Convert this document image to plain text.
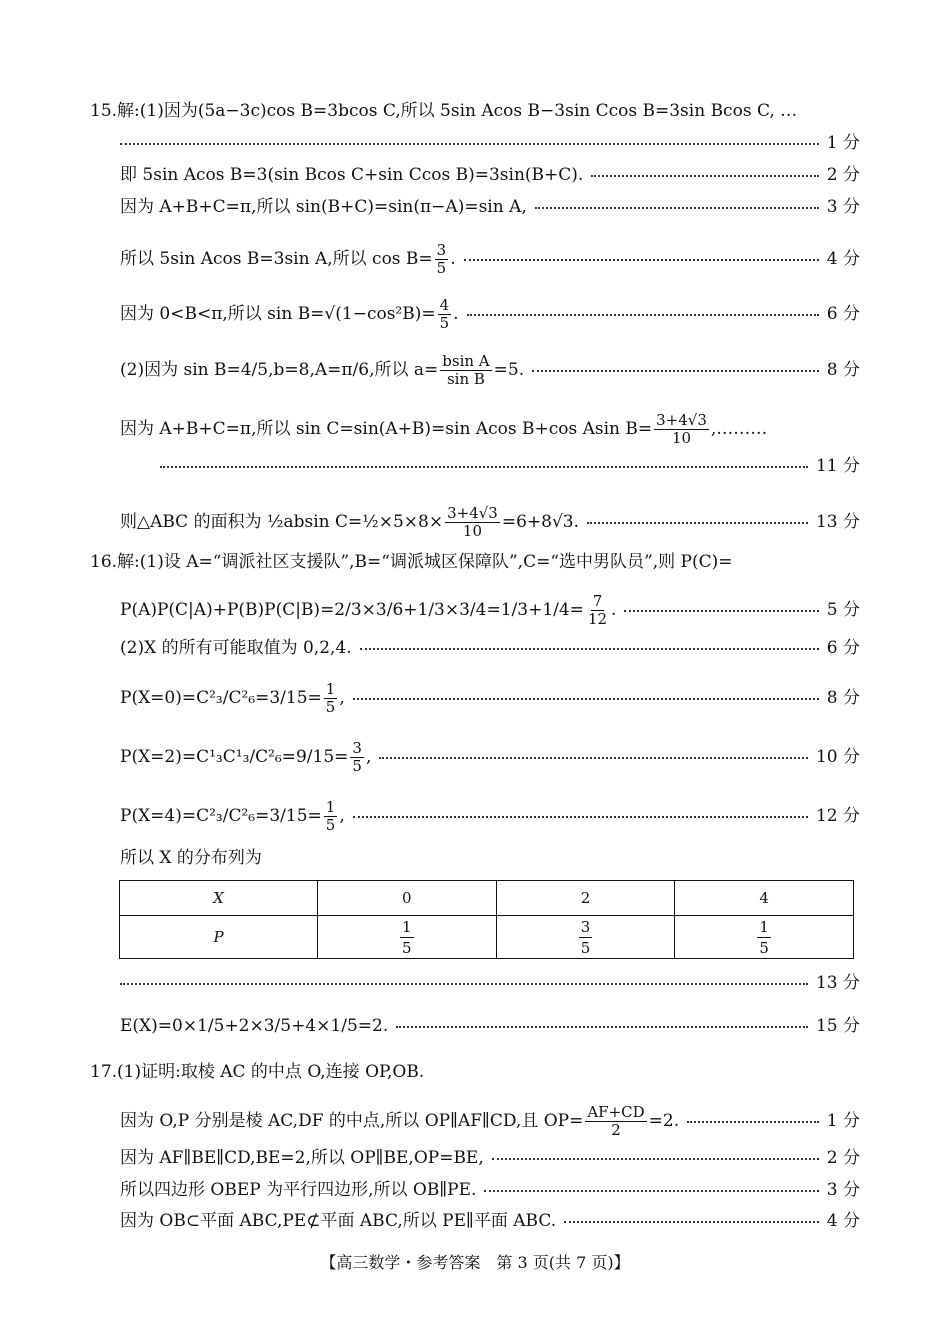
15.解:(1)因为(5a−3c)cos B=3bcos C,所以 5sin Acos B−3sin Ccos B=3sin Bcos C, …
1 分
即 5sin Acos B=3(sin Bcos C+sin Ccos B)=3sin(B+C).	2 分
因为 A+B+C=π,所以 sin(B+C)=sin(π−A)=sin A,	3 分
所以 5sin Acos B=3sin A,所以 $\cos B= \frac{3}{5}$ .	4 分
因为 0<B<π,所以 $\sin B=√(1-\cos^2B)= \frac{4}{5}$ .	6 分
(2)因为 sin B=4/5,b=8,A=π/6,所以 $a= \frac{\text{bsin A}}{\text{sin B}} =5$.	8 分
因为 A+B+C=π,所以 sin C=sin(A+B)=sin Acos B+cos Asin $B= \frac{3+4√3}{10}$ ,………
11 分
则△ABC 的面积为 ½absin C=½×5×8× $\frac{3+4√3}{10} =6+8√3$.	13 分
16.解:(1)设 A=“调派社区支援队”,B=“调派城区保障队”,C=“选中男队员”,则 P(C)=
$P(A)P(C|A)+P(B)P(C|B)=2/3\times 3/6+1/3\times 3/4=1/3+1/4= \frac{7}{12}$ .	5 分
(2)X 的所有可能取值为 0,2,4.	6 分
$P(X=0)=C^2_3/C^2_6=3/15= \frac{1}{5}$ ,	8 分
$P(X=2)=C^1_3C^1_3/C^2_6=9/15= \frac{3}{5}$ ,	10 分
$P(X=4)=C^2_3/C^2_6=3/15= \frac{1}{5}$ ,	12 分
所以 X 的分布列为
X	0	2	4
P	$\frac{1}{5}$	$\frac{3}{5}$	$\frac{1}{5}$
13 分
E(X)=0×1/5+2×3/5+4×1/5=2.	15 分
17.(1)证明:取棱 AC 的中点 O,连接 OP,OB.
因为 O,P 分别是棱 AC,DF 的中点,所以 OP∥AF∥CD,且 $OP= \frac{AF+CD}{2} =2$.	1 分
因为 AF∥BE∥CD,BE=2,所以 OP∥BE,OP=BE,	2 分
所以四边形 OBEP 为平行四边形,所以 OB∥PE.	3 分
因为 OB⊂平面 ABC,PE⊄平面 ABC,所以 PE∥平面 ABC.	4 分
【高三数学・参考答案　第 3 页(共 7 页)】
